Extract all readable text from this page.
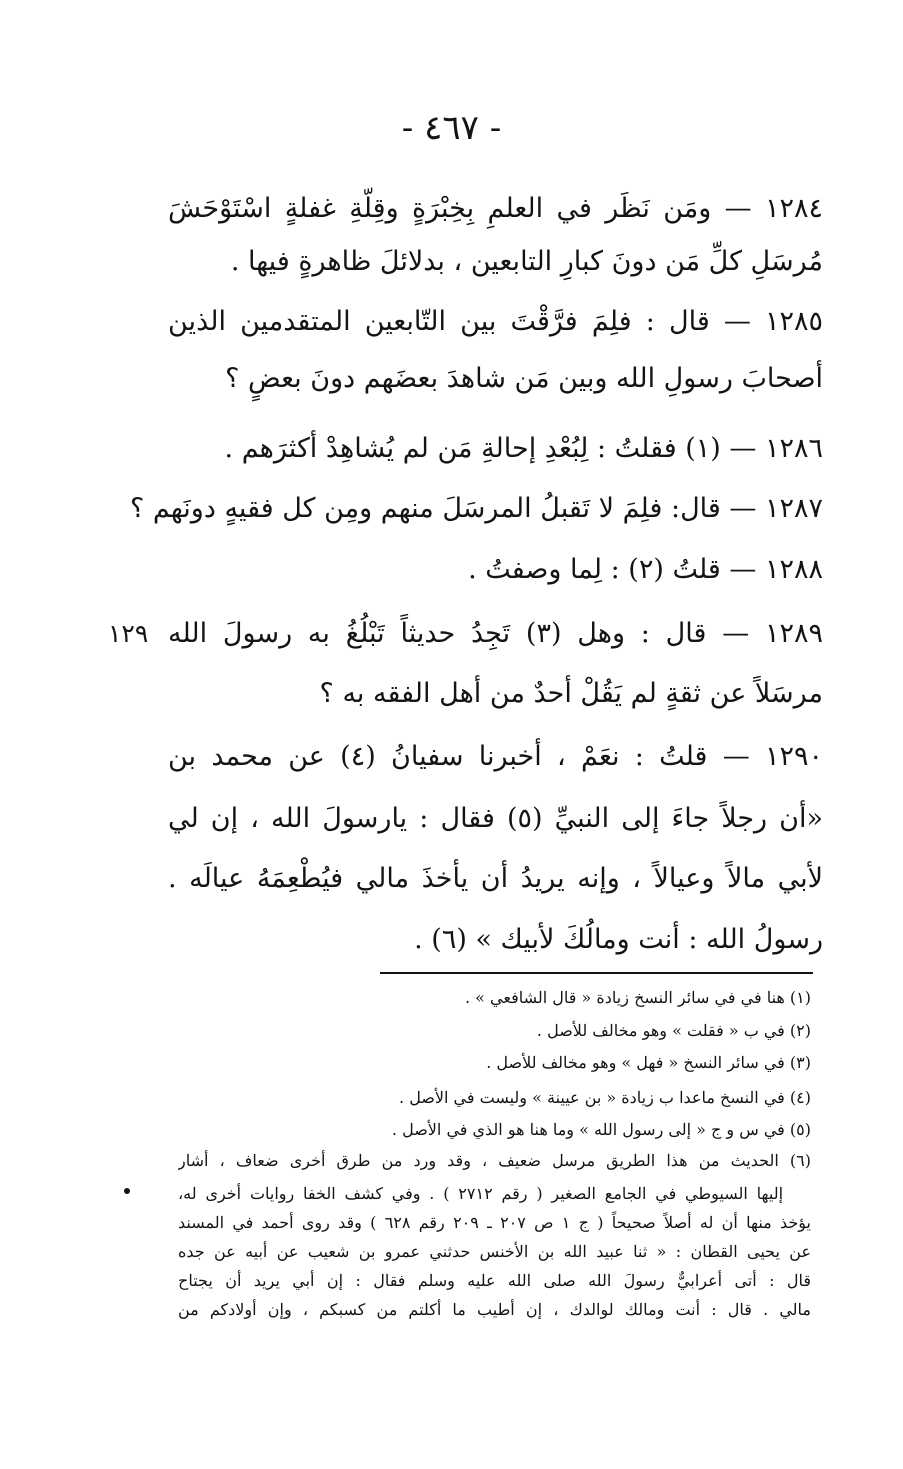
- ٤٦٧ -
١٢٨٤ — ومَن نَظَر في العلمِ بِخِبْرَةٍ وقِلّةِ غفلةٍ اسْتَوْحَشَ
مُرسَلِ كلِّ مَن دونَ كبارِ التابعين ، بدلائلَ ظاهرةٍ فيها .
١٢٨٥ — قال : فلِمَ فرَّقْتَ بين التّابعين المتقدمين الذين
أصحابَ رسولِ الله وبين مَن شاهدَ بعضَهم دونَ بعضٍ ؟
١٢٨٦ — (١) فقلتُ : لِبُعْدِ إحالةِ مَن لم يُشاهِدْ أكثرَهم .
١٢٨٧ — قال: فلِمَ لا تَقبلُ المرسَلَ منهم ومِن كل فقيهٍ دونَهم ؟
١٢٨٨ — قلتُ (٢) : لِما وصفتُ .
١٢٨٩ — قال : وهل (٣) تَجِدُ حديثاً تَبْلُغُ به رسولَ الله
مرسَلاً عن ثقةٍ لم يَقُلْ أحدٌ من أهل الفقه به ؟
١٢٩٠ — قلتُ : نعَمْ ، أخبرنا سفيانُ (٤) عن محمد بن
«أن رجلاً جاءَ إلى النبيِّ (٥) فقال : يارسولَ الله ، إن لي
لأبي مالاً وعيالاً ، وإنه يريدُ أن يأخذَ مالي فيُطْعِمَهُ عيالَه .
رسولُ الله : أنت ومالُكَ لأبيك » (٦) .
١٢٩
(١) هنا في في سائر النسخ زيادة « قال الشافعي » .
(٢) في ب « فقلت » وهو مخالف للأصل .
(٣) في سائر النسخ « فهل » وهو مخالف للأصل .
(٤) في النسخ ماعدا ب زيادة « بن عيينة » وليست في الأصل .
(٥) في س و ج « إلى رسول الله » وما هنا هو الذي في الأصل .
(٦) الحديث من هذا الطريق مرسل ضعيف ، وقد ورد من طرق أخرى ضعاف ، أشار
إليها السيوطي في الجامع الصغير ( رقم ٢٧١٢ ) . وفي كشف الخفا روايات أخرى له،
يؤخذ منها أن له أصلاً صحيحاً ( ج ١ ص ٢٠٧ ـ ٢٠٩ رقم ٦٢٨ ) وقد روى أحمد في المسند
عن يحيى القطان : « ثنا عبيد الله بن الأخنس حدثني عمرو بن شعيب عن أبيه عن جده
قال : أتى أعرابيٌّ رسولَ الله صلى الله عليه وسلم فقال : إن أبي يريد أن يجتاح
مالي . قال : أنت ومالك لوالدك ، إن أطيب ما أكلتم من كسبكم ، وإن أولادكم من
